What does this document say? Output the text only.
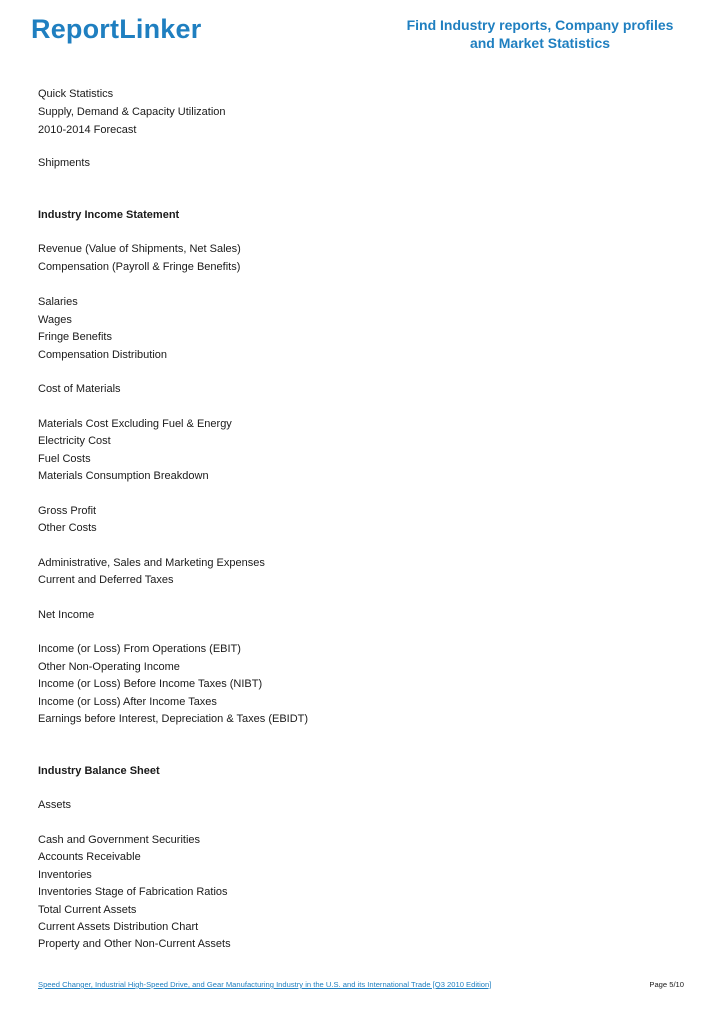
ReportLinker	Find Industry reports, Company profiles
and Market Statistics
Quick Statistics
Supply, Demand & Capacity Utilization
2010-2014 Forecast
Shipments
Industry Income Statement
Revenue (Value of Shipments, Net Sales)
Compensation (Payroll & Fringe Benefits)
Salaries
Wages
Fringe Benefits
Compensation Distribution
Cost of Materials
Materials Cost Excluding Fuel & Energy
Electricity Cost
Fuel Costs
Materials Consumption Breakdown
Gross Profit
Other Costs
Administrative, Sales and Marketing Expenses
Current and Deferred Taxes
Net Income
Income (or Loss) From Operations (EBIT)
Other Non-Operating Income
Income (or Loss) Before Income Taxes (NIBT)
Income (or Loss) After Income Taxes
Earnings before Interest, Depreciation & Taxes (EBIDT)
Industry Balance Sheet
Assets
Cash and Government Securities
Accounts Receivable
Inventories
Inventories Stage of Fabrication Ratios
Total Current Assets
Current Assets Distribution Chart
Property and Other Non-Current Assets
Speed Changer, Industrial High-Speed Drive, and Gear Manufacturing Industry in the U.S. and its International Trade [Q3 2010 Edition]	Page 5/10
